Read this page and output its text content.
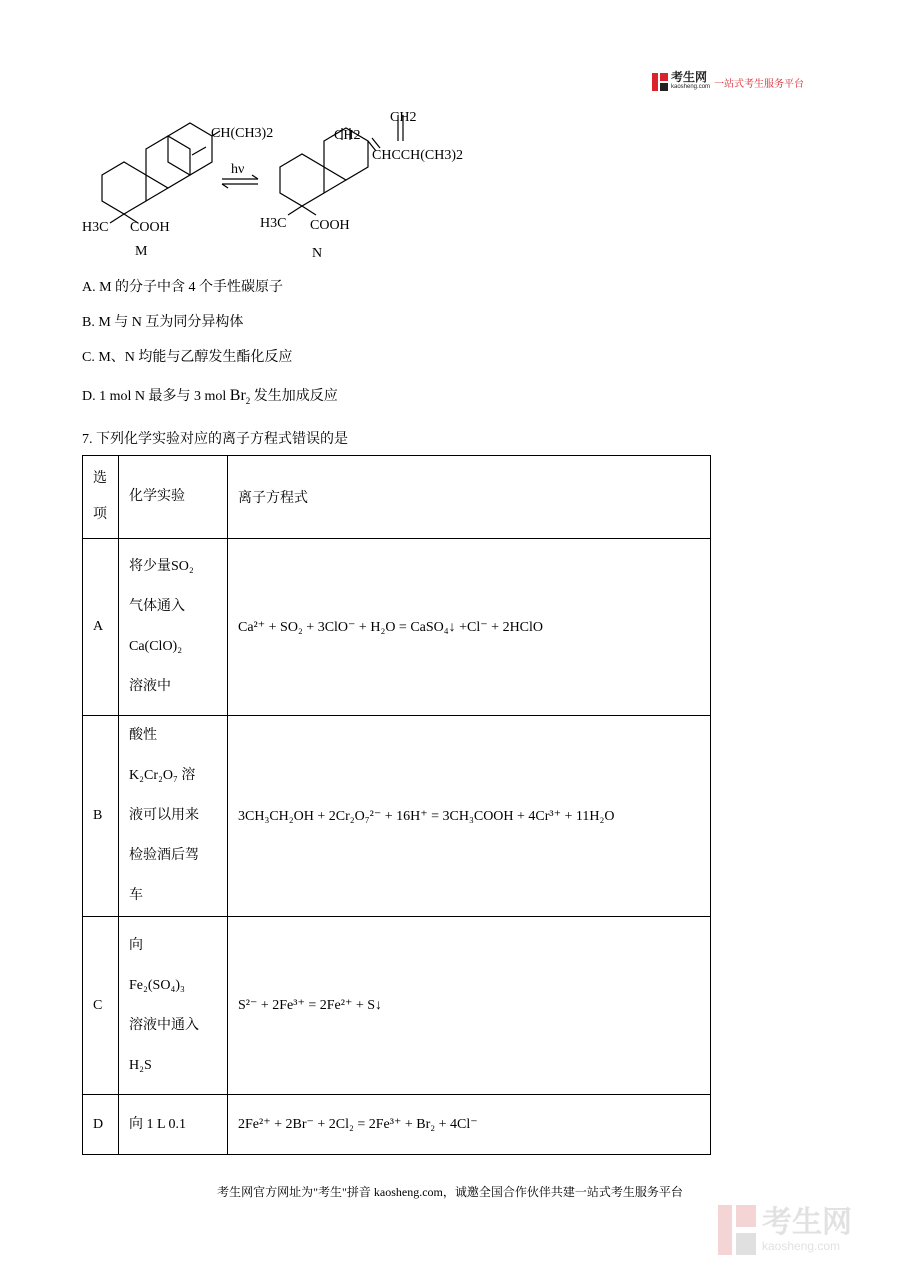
考生网
kaosheng.com 一站式考生服务平台
CH(CH3)2
H3C COOH
M
hν
CH2
CH2
CHCCH(CH3)2
H3C COOH
N
A. M 的分子中含 4 个手性碳原子
B. M 与 N 互为同分异构体
C. M、N 均能与乙醇发生酯化反应
D. 1 mol N 最多与 3 mol $Br_2$ 发生加成反应
7. 下列化学实验对应的离子方程式错误的是
选
项	化学实验	离子方程式
A	将少量SO₂
气体通入
Ca(ClO)₂
溶液中	Ca²⁺ + SO₂ + 3ClO⁻ + H₂O = CaSO₄↓ +Cl⁻ + 2HClO
B	酸性
K₂Cr₂O₇ 溶
液可以用来
检验酒后驾
车	3CH₃CH₂OH + 2Cr₂O₇²⁻ + 16H⁺ = 3CH₃COOH + 4Cr³⁺ + 11H₂O
C	向
Fe₂(SO₄)₃
溶液中通入
H₂S	S²⁻ + 2Fe³⁺ = 2Fe²⁺ + S↓
D	向 1 L 0.1	2Fe²⁺ + 2Br⁻ + 2Cl₂ = 2Fe³⁺ + Br₂ + 4Cl⁻
考生网官方网址为"考生"拼音 kaosheng.com，诚邀全国合作伙伴共建一站式考生服务平台
考生网
kaosheng.com
